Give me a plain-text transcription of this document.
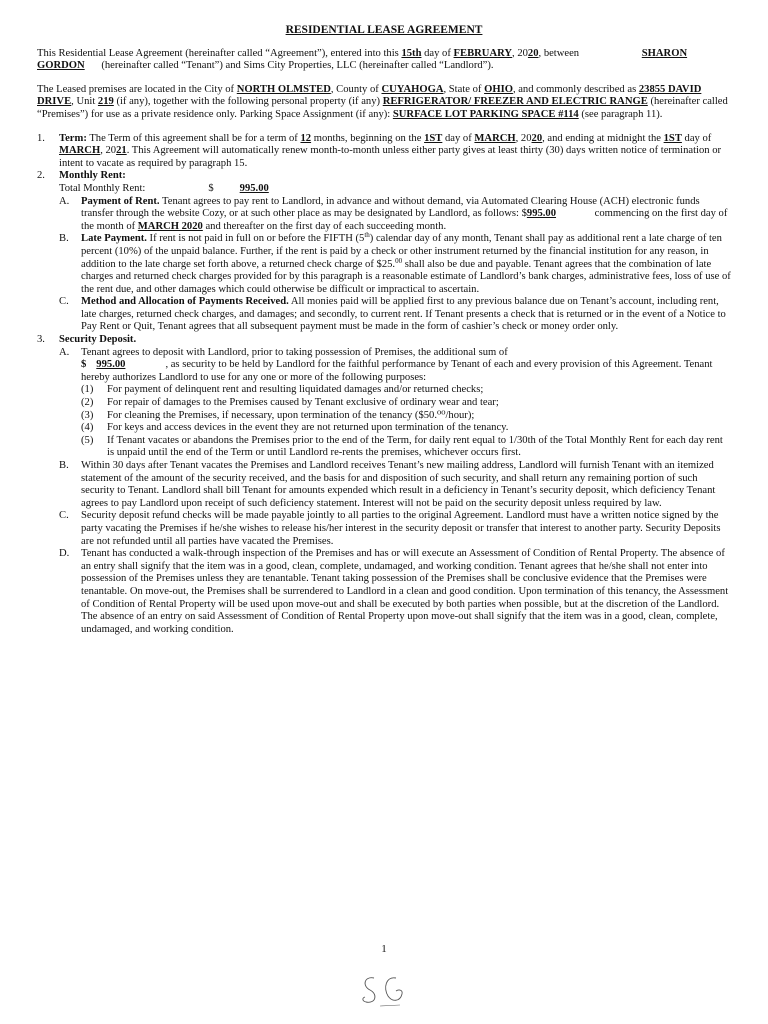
RESIDENTIAL LEASE AGREEMENT

This Residential Lease Agreement (hereinafter called “Agreement”), entered into this 15th day of FEBRUARY, 2020, between	SHARON GORDON (hereinafter called “Tenant”) and Sims City Properties, LLC (hereinafter called “Landlord”).

The Leased premises are located in the City of NORTH OLMSTED, County of CUYAHOGA, State of OHIO, and commonly described as 23855 DAVID DRIVE, Unit 219 (if any), together with the following personal property (if any) REFRIGERATOR/ FREEZER AND ELECTRIC RANGE (hereinafter called “Premises”) for use as a private residence only. Parking Space Assignment (if any): SURFACE LOT PARKING SPACE #114 (see paragraph 11).

1. Term: The Term of this agreement shall be for a term of 12 months, beginning on the 1ST day of MARCH, 2020, and ending at midnight the 1ST day of MARCH, 2021. This Agreement will automatically renew month-to-month unless either party gives at least thirty (30) days written notice of termination or intent to vacate as required by paragraph 15.

2. Monthly Rent:

Total Monthly Rent:	$ 995.00

A. Payment of Rent. Tenant agrees to pay rent to Landlord, in advance and without demand, via Automated Clearing House (ACH) electronic funds transfer through the website Cozy, or at such other place as may be designated by Landlord, as follows: $995.00	commencing on the first day of the month of MARCH 2020 and thereafter on the first day of each succeeding month.

B. Late Payment. If rent is not paid in full on or before the FIFTH (5th) calendar day of any month, Tenant shall pay as additional rent a late charge of ten percent (10%) of the unpaid balance. Further, if the rent is paid by a check or other instrument returned by the financial institution for any reason, in addition to the late charge set forth above, a returned check charge of $25.00 shall also be due and payable. Tenant agrees that the combination of late charges and returned check charges provided for by this paragraph is a reasonable estimate of Landlord’s bank charges, administrative fees, loss of use of the rent due, and other damages which could otherwise be difficult or impractical to ascertain.

C. Method and Allocation of Payments Received. All monies paid will be applied first to any previous balance due on Tenant’s account, including rent, late charges, returned check charges, and damages; and secondly, to current rent. If Tenant presents a check that is returned or in the event of a Notice to Pay Rent or Quit, Tenant agrees that all subsequent payment must be made in the form of cashier’s check or money order only.

3. Security Deposit.

A. Tenant agrees to deposit with Landlord, prior to taking possession of Premises, the additional sum of
$ 995.00	, as security to be held by Landlord for the faithful performance by Tenant of each and every provision of this Agreement. Tenant hereby authorizes Landlord to use for any one or more of the following purposes:

(1) For payment of delinquent rent and resulting liquidated damages and/or returned checks;
(2) For repair of damages to the Premises caused by Tenant exclusive of ordinary wear and tear;
(3) For cleaning the Premises, if necessary, upon termination of the tenancy ($50.⁰⁰/hour);
(4) For keys and access devices in the event they are not returned upon termination of the tenancy.
(5) If Tenant vacates or abandons the Premises prior to the end of the Term, for daily rent equal to 1/30th of the Total Monthly Rent for each day rent is unpaid until the end of the Term or until Landlord re-rents the premises, whichever occurs first.
B. Within 30 days after Tenant vacates the Premises and Landlord receives Tenant’s new mailing address, Landlord will furnish Tenant with an itemized statement of the amount of the security received, and the basis for and disposition of such security, and shall return any remaining portion of such security to Tenant. Landlord shall bill Tenant for amounts expended which result in a deficiency in Tenant’s security deposit, which deficiency Tenant agrees to pay Landlord upon receipt of such deficiency statement. Interest will not be paid on the security deposit unless required by law.

C. Security deposit refund checks will be made payable jointly to all parties to the original Agreement. Landlord must have a written notice signed by the party vacating the Premises if he/she wishes to release his/her interest in the security deposit or transfer that interest to another party. Security Deposits are not refunded until all parties have vacated the Premises.

D. Tenant has conducted a walk-through inspection of the Premises and has or will execute an Assessment of Condition of Rental Property. The absence of an entry shall signify that the item was in a good, clean, complete, undamaged, and working condition. Tenant agrees that he/she shall not enter into possession of the Premises unless they are tenantable. Tenant taking possession of the Premises shall be conclusive evidence that the Premises were tenantable. On move-out, the Premises shall be surrendered to Landlord in a clean and good condition. Upon termination of this tenancy, the Assessment of Condition of Rental Property will be used upon move-out and shall be executed by both parties when possible, but at the discretion of the Landlord. The absence of an entry on said Assessment of Condition of Rental Property upon move-out shall signify that the item was in a good, clean, complete, undamaged, and working condition.

1
